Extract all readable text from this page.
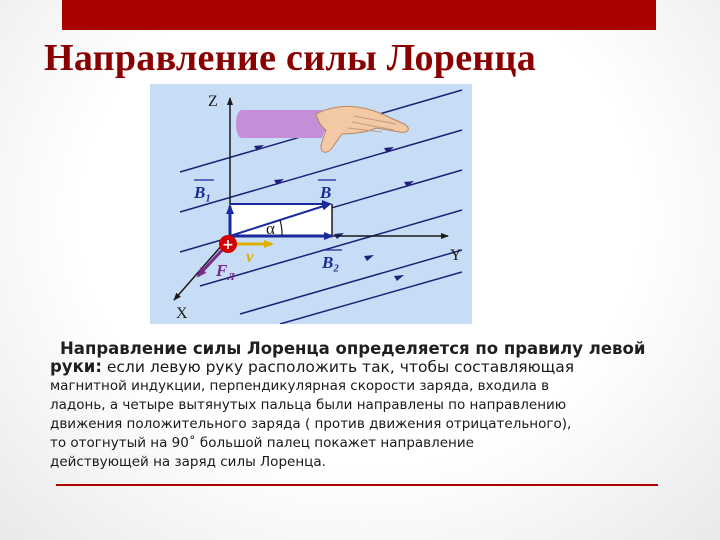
Направление силы Лоренца
Z
Y
X
α
B₁	B
B₂
v
$F_Л$
+

Направление силы Лоренца определяется по правилу левой руки: если левую руку расположить так, чтобы составляющая
магнитной индукции, перпендикулярная скорости заряда, входила в
ладонь, а четыре вытянутых пальца были направлены по направлению
движения положительного заряда ( против движения отрицательного),
то отогнутый на 90˚ большой палец покажет направление
действующей на заряд силы Лоренца.
